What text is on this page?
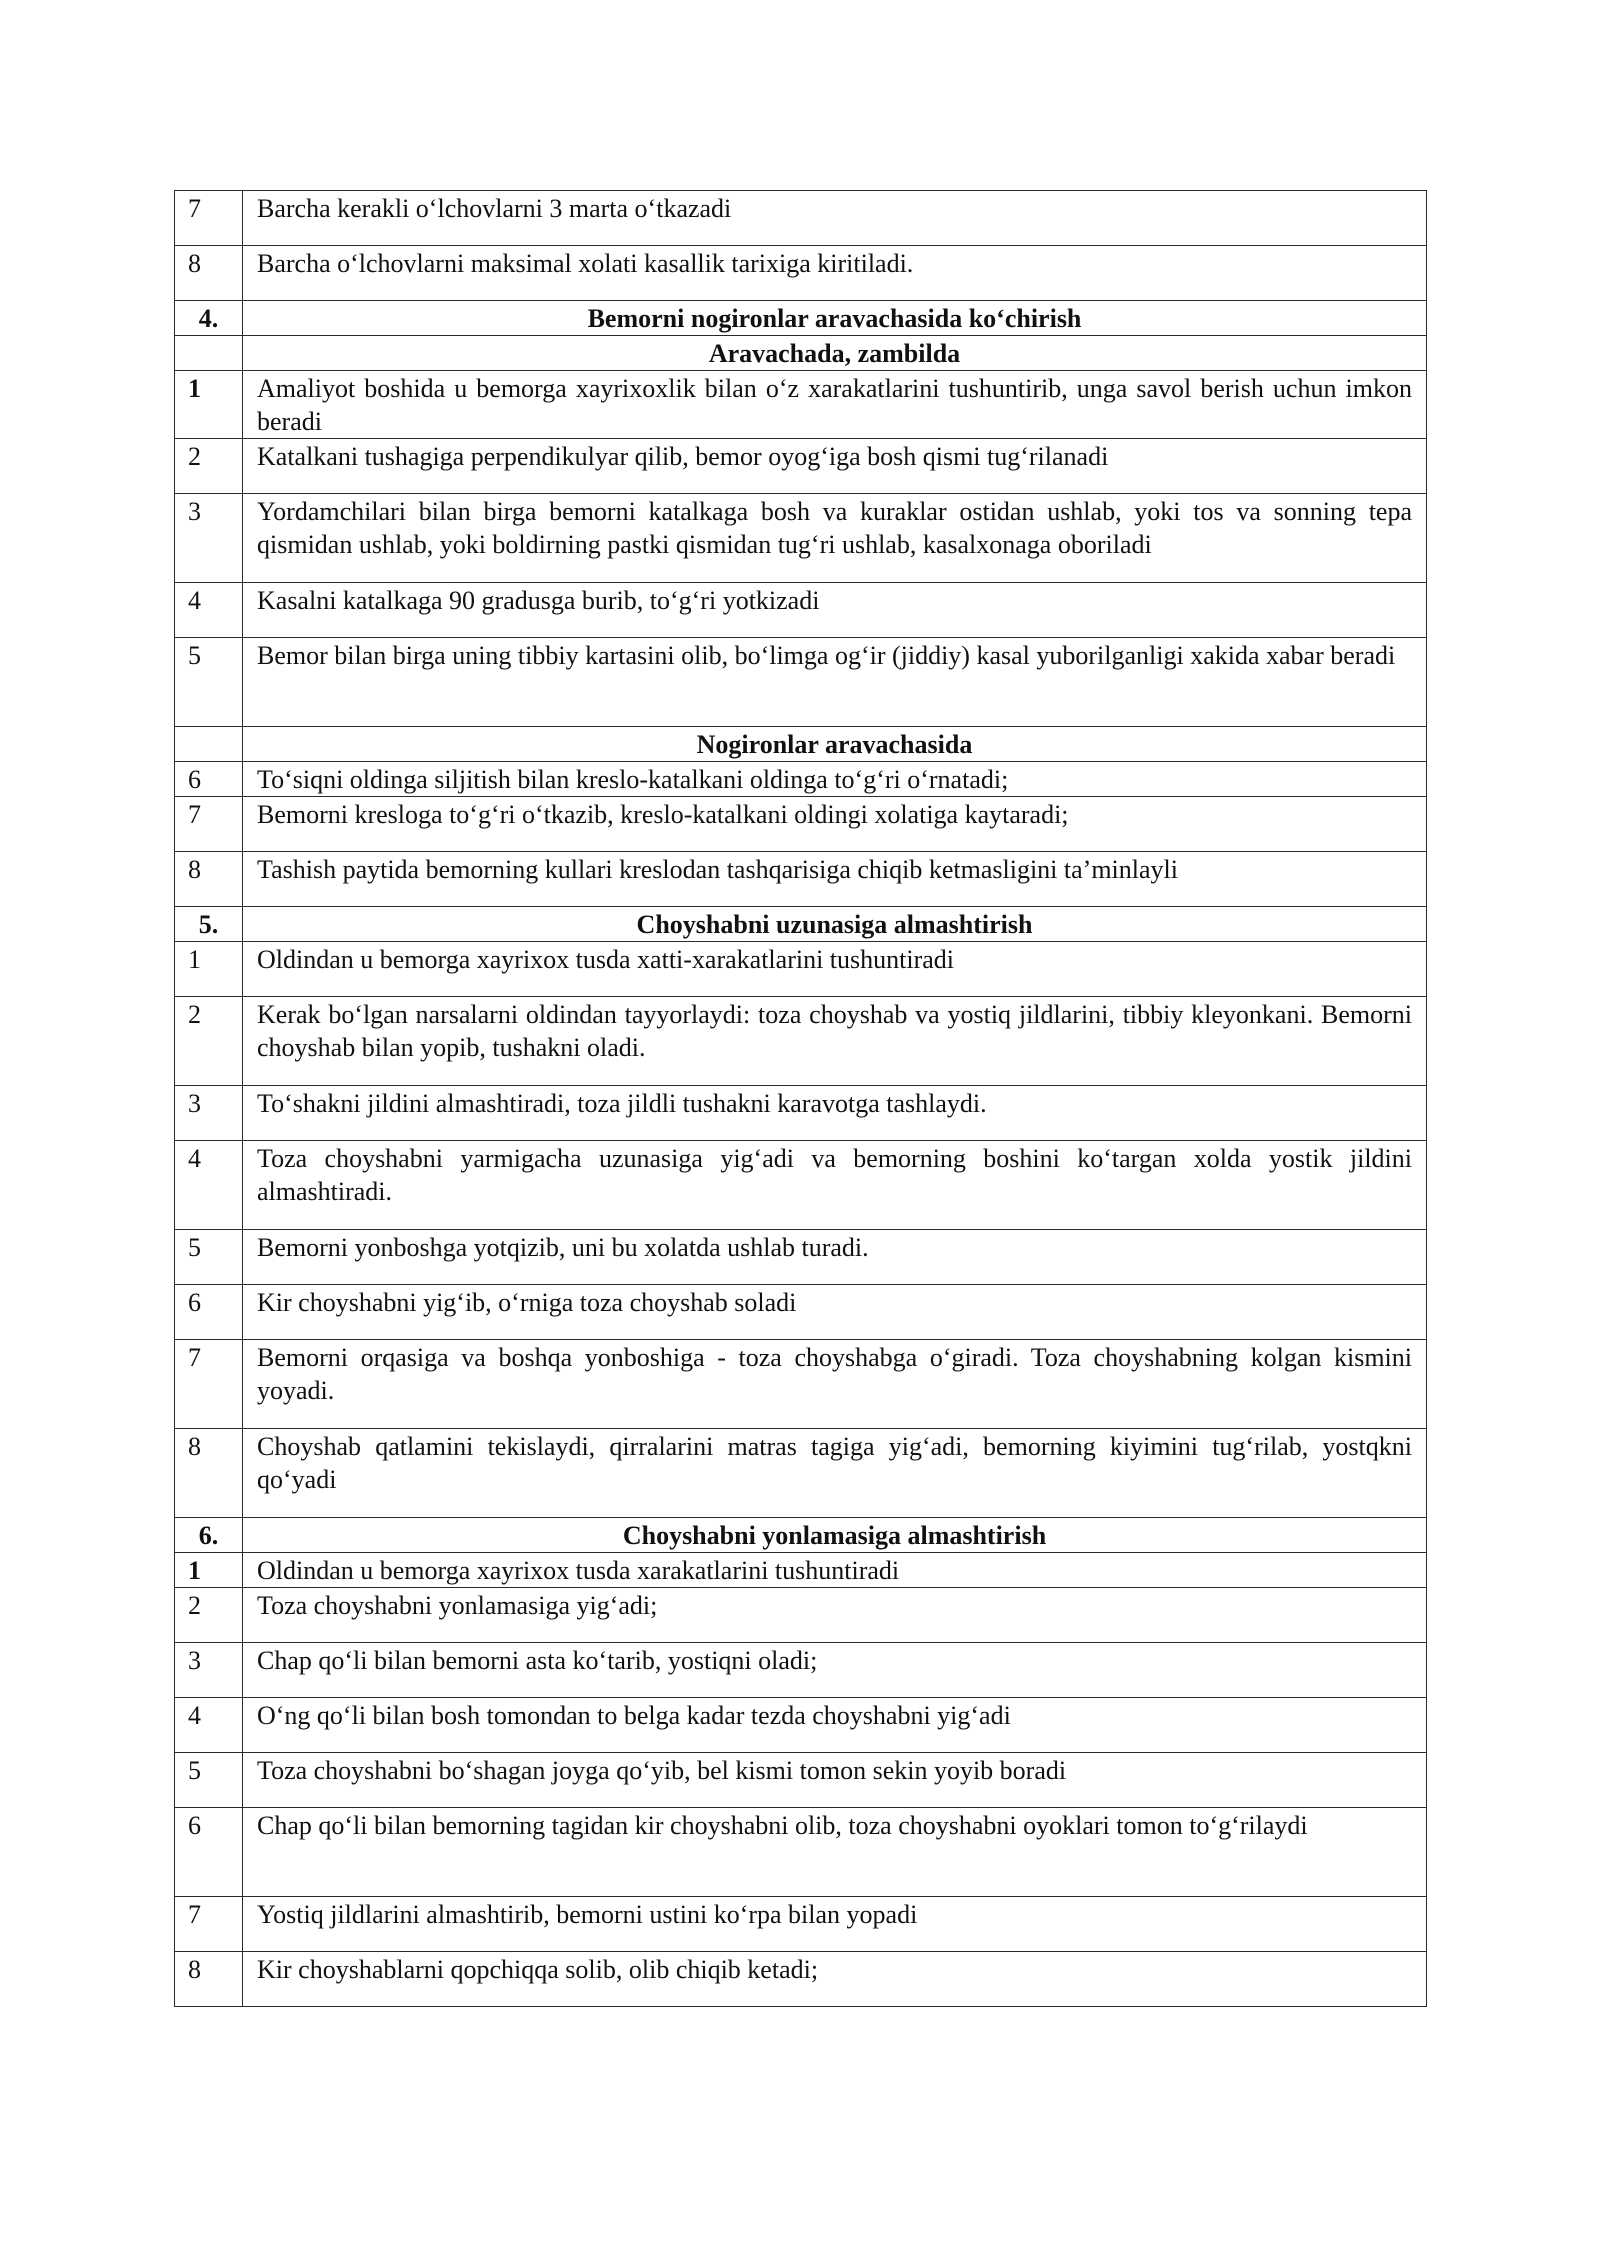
7	Barcha kerakli o‘lchovlarni 3 marta o‘tkazadi
8	Barcha o‘lchovlarni maksimal xolati kasallik tarixiga kiritiladi.
4.	Bemorni nogironlar aravachasida ko‘chirish
	Aravachada, zambilda
1	Amaliyot boshida u bemorga xayrixoxlik bilan o‘z xarakatlarini tushuntirib, unga savol berish uchun imkon beradi
2	Katalkani tushagiga perpendikulyar qilib, bemor oyog‘iga bosh qismi tug‘rilanadi
3	Yordamchilari bilan birga bemorni katalkaga bosh va kuraklar ostidan ushlab, yoki tos va sonning tepa qismidan ushlab, yoki boldirning pastki qismidan tug‘ri ushlab, kasalxonaga oboriladi
4	Kasalni katalkaga 90 gradusga burib, to‘g‘ri yotkizadi
5	Bemor bilan birga uning tibbiy kartasini olib, bo‘limga og‘ir (jiddiy) kasal yuborilganligi xakida xabar beradi
	Nogironlar aravachasida
6	To‘siqni oldinga siljitish bilan kreslo-katalkani oldinga to‘g‘ri o‘rnatadi;
7	Bemorni kresloga to‘g‘ri o‘tkazib, kreslo-katalkani oldingi xolatiga kaytaradi;
8	Tashish paytida bemorning kullari kreslodan tashqarisiga chiqib ketmasligini ta’minlayli
5.	Choyshabni uzunasiga almashtirish
1	Oldindan u bemorga xayrixox tusda xatti-xarakatlarini tushuntiradi
2	Kerak bo‘lgan narsalarni oldindan tayyorlaydi: toza choyshab va yostiq jildlarini, tibbiy kleyonkani. Bemorni choyshab bilan yopib, tushakni oladi.
3	To‘shakni jildini almashtiradi, toza jildli tushakni karavotga tashlaydi.
4	Toza choyshabni yarmigacha uzunasiga yig‘adi va bemorning boshini ko‘targan xolda yostik jildini almashtiradi.
5	Bemorni yonboshga yotqizib, uni bu xolatda ushlab turadi.
6	Kir choyshabni yig‘ib, o‘rniga toza choyshab soladi
7	Bemorni orqasiga va boshqa yonboshiga - toza choyshabga o‘giradi. Toza choyshabning kolgan kismini yoyadi.
8	Choyshab qatlamini tekislaydi, qirralarini matras tagiga yig‘adi, bemorning kiyimini tug‘rilab, yostqkni qo‘yadi
6.	Choyshabni yonlamasiga almashtirish
1	Oldindan u bemorga xayrixox tusda xarakatlarini tushuntiradi
2	Toza choyshabni yonlamasiga yig‘adi;
3	Chap qo‘li bilan bemorni asta ko‘tarib, yostiqni oladi;
4	O‘ng qo‘li bilan bosh tomondan to belga kadar tezda choyshabni yig‘adi
5	Toza choyshabni bo‘shagan joyga qo‘yib, bel kismi tomon sekin yoyib boradi
6	Chap qo‘li bilan bemorning tagidan kir choyshabni olib, toza choyshabni oyoklari tomon to‘g‘rilaydi
7	Yostiq jildlarini almashtirib, bemorni ustini ko‘rpa bilan yopadi
8	Kir choyshablarni qopchiqqa solib, olib chiqib ketadi;
